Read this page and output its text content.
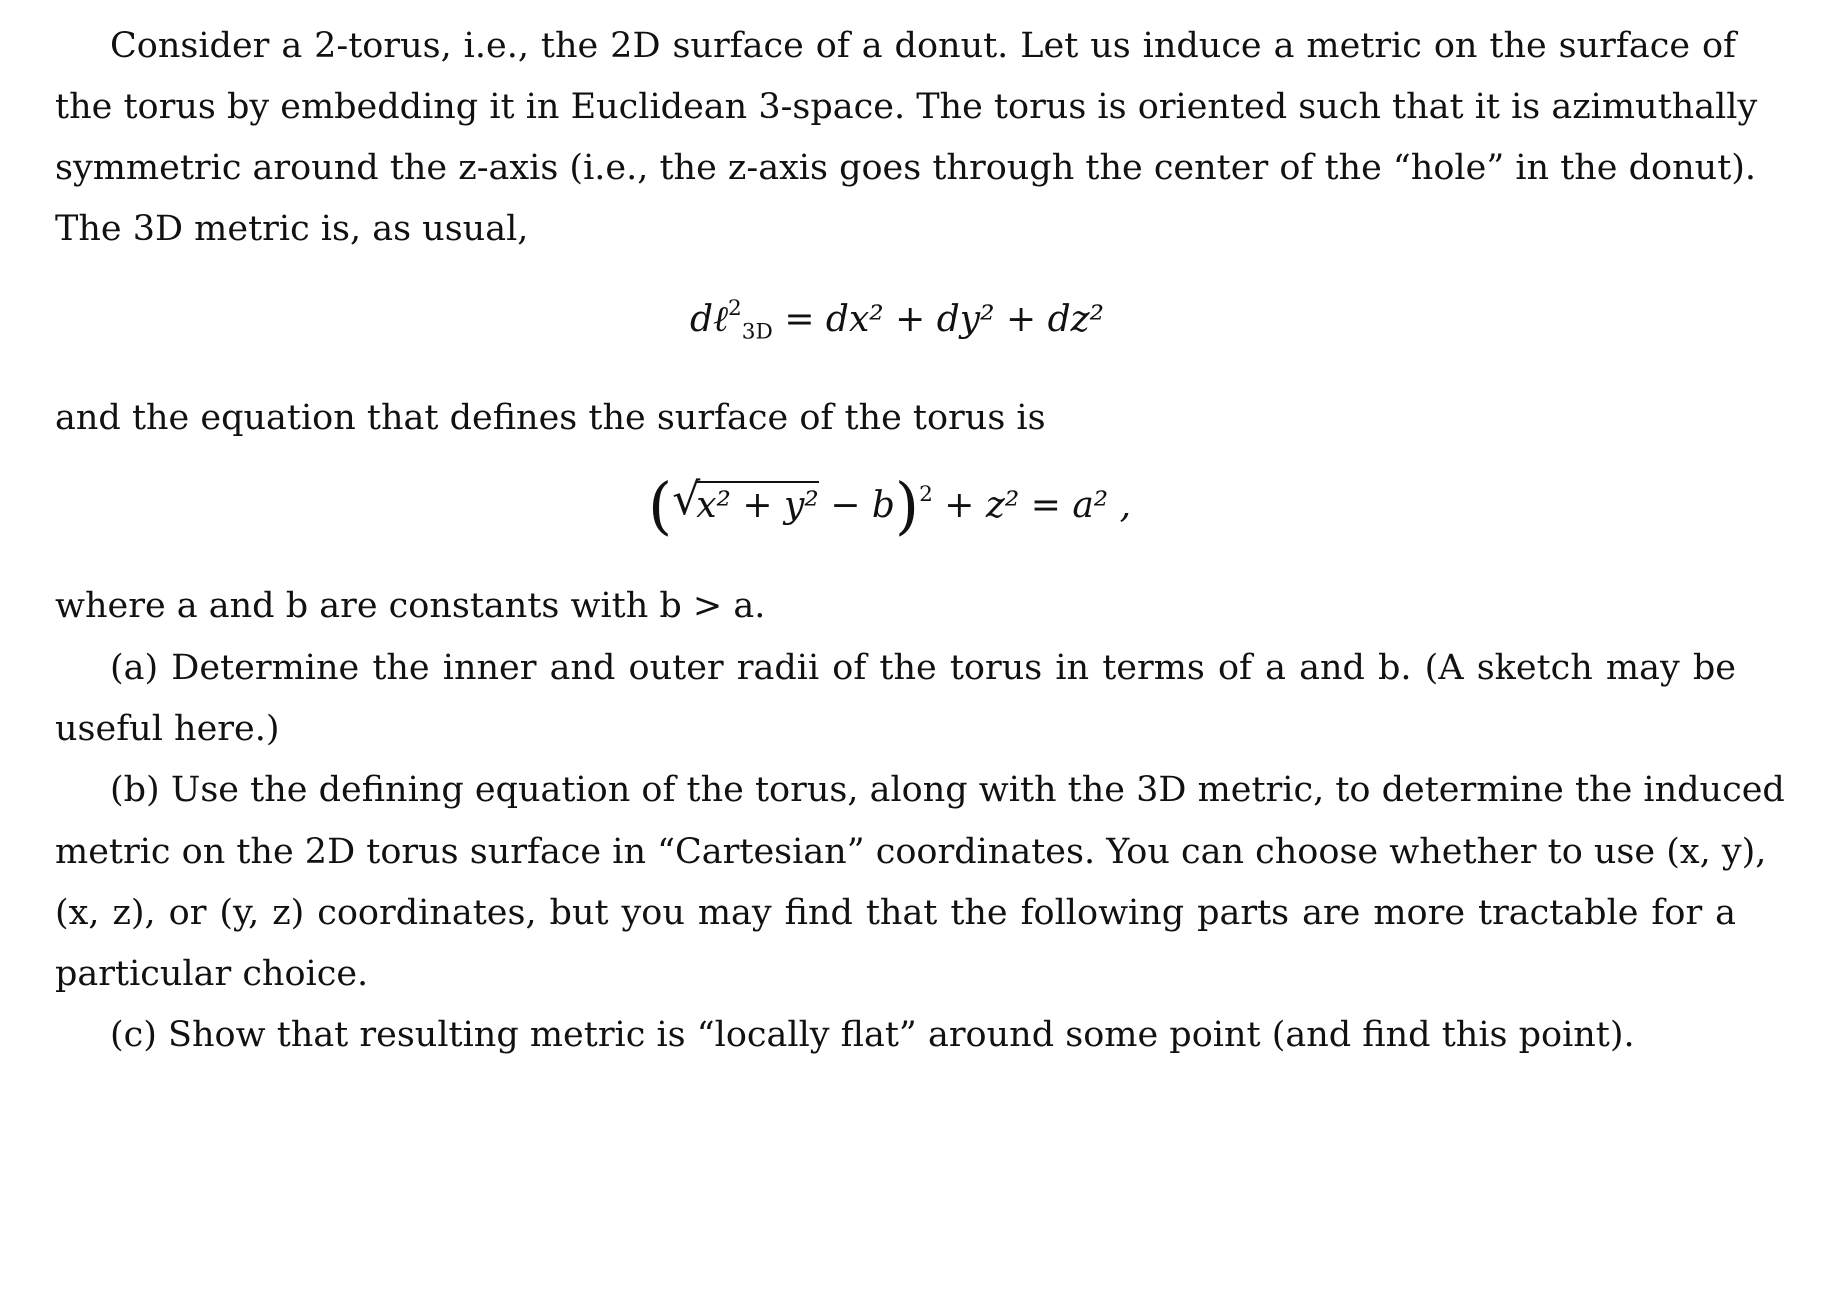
Consider a 2-torus, i.e., the 2D surface of a donut. Let us induce a metric on the surface of
the torus by embedding it in Euclidean 3-space. The torus is oriented such that it is azimuthally
symmetric around the z-axis (i.e., the z-axis goes through the center of the “hole” in the donut).
The 3D metric is, as usual,
dℓ$^2_{3D}$ = dx² + dy² + dz²
and the equation that defines the surface of the torus is
( √
x² + y² − b)$^2$ + z² = a² ,
where a and b are constants with b > a.
(a) Determine the inner and outer radii of the torus in terms of a and b. (A sketch may be
useful here.)
(b) Use the defining equation of the torus, along with the 3D metric, to determine the induced
metric on the 2D torus surface in “Cartesian” coordinates. You can choose whether to use (x, y),
(x, z), or (y, z) coordinates, but you may find that the following parts are more tractable for a
particular choice.
(c) Show that resulting metric is “locally flat” around some point (and find this point).
